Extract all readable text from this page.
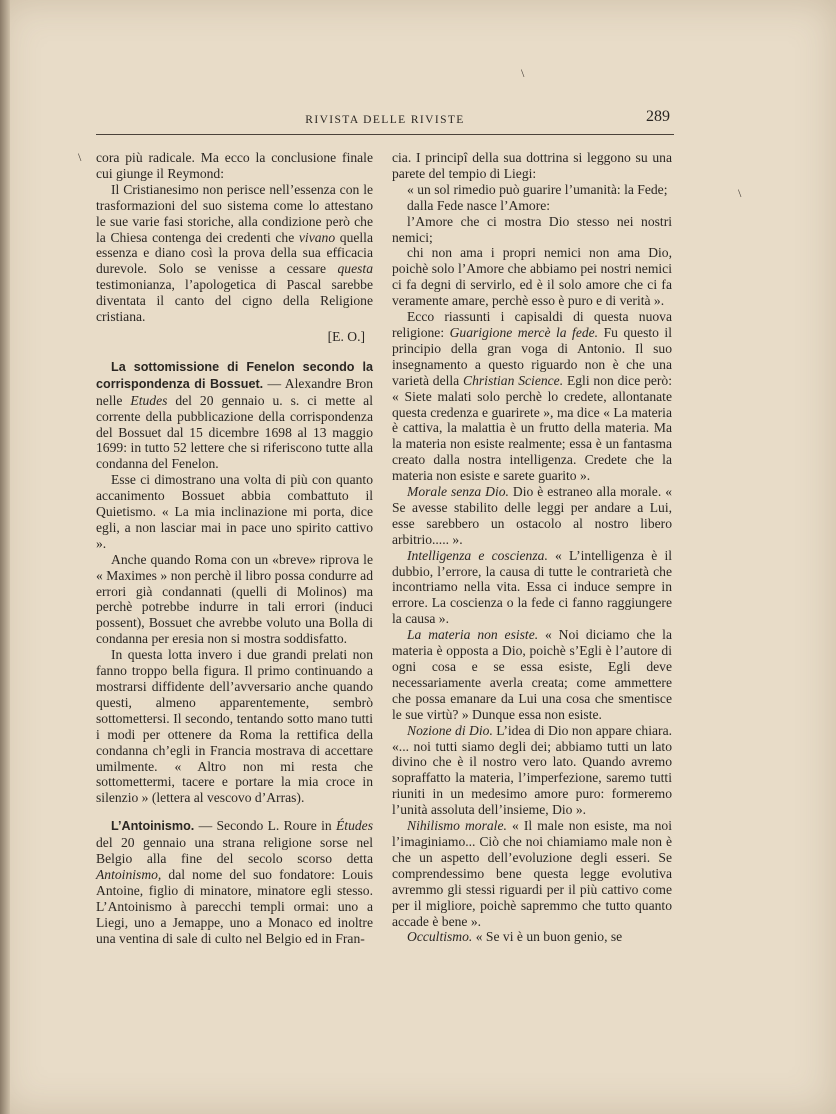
RIVISTA DELLE RIVISTE	289
\
\
\ cora più radicale. Ma ecco la conclusione finale cui giunge il Reymond:

Il Cristianesimo non perisce nell’essenza con le trasformazioni del suo sistema come lo attestano le sue varie fasi storiche, alla condizione però che la Chiesa contenga dei credenti che vivano quella essenza e diano così la prova della sua efficacia durevole. Solo se venisse a cessare questa testimonianza, l’apologetica di Pascal sarebbe diventata il canto del cigno della Religione cristiana.

[E. O.]

La sottomissione di Fenelon secondo la corrispondenza di Bossuet. — Alexandre Bron nelle Etudes del 20 gennaio u. s. ci mette al corrente della pubblicazione della corrispondenza del Bossuet dal 15 dicembre 1698 al 13 maggio 1699: in tutto 52 lettere che si riferiscono tutte alla condanna del Fenelon.

Esse ci dimostrano una volta di più con quanto accanimento Bossuet abbia combattuto il Quietismo. « La mia inclinazione mi porta, dice egli, a non lasciar mai in pace uno spirito cattivo ».

Anche quando Roma con un «breve» riprova le « Maximes » non perchè il libro possa condurre ad errori già condannati (quelli di Molinos) ma perchè potrebbe indurre in tali errori (induci possent), Bossuet che avrebbe voluto una Bolla di condanna per eresia non si mostra soddisfatto.

In questa lotta invero i due grandi prelati non fanno troppo bella figura. Il primo continuando a mostrarsi diffidente dell’avversario anche quando questi, almeno apparentemente, sembrò sottomettersi. Il secondo, tentando sotto mano tutti i modi per ottenere da Roma la rettifica della condanna ch’egli in Francia mostrava di accettare umilmente. « Altro non mi resta che sottomettermi, tacere e portare la mia croce in silenzio » (lettera al vescovo d’Arras).

L’Antoinismo. — Secondo L. Roure in Études del 20 gennaio una strana religione sorse nel Belgio alla fine del secolo scorso detta Antoinismo, dal nome del suo fondatore: Louis Antoine, figlio di minatore, minatore egli stesso. L’Antoinismo à parecchi templi ormai: uno a Liegi, uno a Jemappe, uno a Monaco ed inoltre una ventina di sale di culto nel Belgio ed in Fran-

cia. I principî della sua dottrina si leggono su una parete del tempio di Liegi:

« un sol rimedio può guarire l’umanità: la Fede;

dalla Fede nasce l’Amore:

l’Amore che ci mostra Dio stesso nei nostri nemici;

chi non ama i propri nemici non ama Dio, poichè solo l’Amore che abbiamo pei nostri nemici ci fa degni di servirlo, ed è il solo amore che ci fa veramente amare, perchè esso è puro e di verità ».

Ecco riassunti i capisaldi di questa nuova religione: Guarigione mercè la fede. Fu questo il principio della gran voga di Antonio. Il suo insegnamento a questo riguardo non è che una varietà della Christian Science. Egli non dice però: « Siete malati solo perchè lo credete, allontanate questa credenza e guarirete », ma dice « La materia è cattiva, la malattia è un frutto della materia. Ma la materia non esiste realmente; essa è un fantasma creato dalla nostra intelligenza. Credete che la materia non esiste e sarete guarito ».

Morale senza Dio. Dio è estraneo alla morale. « Se avesse stabilito delle leggi per andare a Lui, esse sarebbero un ostacolo al nostro libero arbitrio..... ».

Intelligenza e coscienza. « L’intelligenza è il dubbio, l’errore, la causa di tutte le contrarietà che incontriamo nella vita. Essa ci induce sempre in errore. La coscienza o la fede ci fanno raggiungere la causa ».

La materia non esiste. « Noi diciamo che la materia è opposta a Dio, poichè s’Egli è l’autore di ogni cosa e se essa esiste, Egli deve necessariamente averla creata; come ammettere che possa emanare da Lui una cosa che smentisce le sue virtù? » Dunque essa non esiste.

Nozione di Dio. L’idea di Dio non appare chiara. «... noi tutti siamo degli dei; abbiamo tutti un lato divino che è il nostro vero lato. Quando avremo sopraffatto la materia, l’imperfezione, saremo tutti riuniti in un medesimo amore puro: formeremo l’unità assoluta dell’insieme, Dio ».

Nihilismo morale. « Il male non esiste, ma noi l’imaginiamo... Ciò che noi chiamiamo male non è che un aspetto dell’evoluzione degli esseri. Se comprendessimo bene questa legge evolutiva avremmo gli stessi riguardi per il più cattivo come per il migliore, poichè sapremmo che tutto quanto accade è bene ».

Occultismo. « Se vi è un buon genio, se
